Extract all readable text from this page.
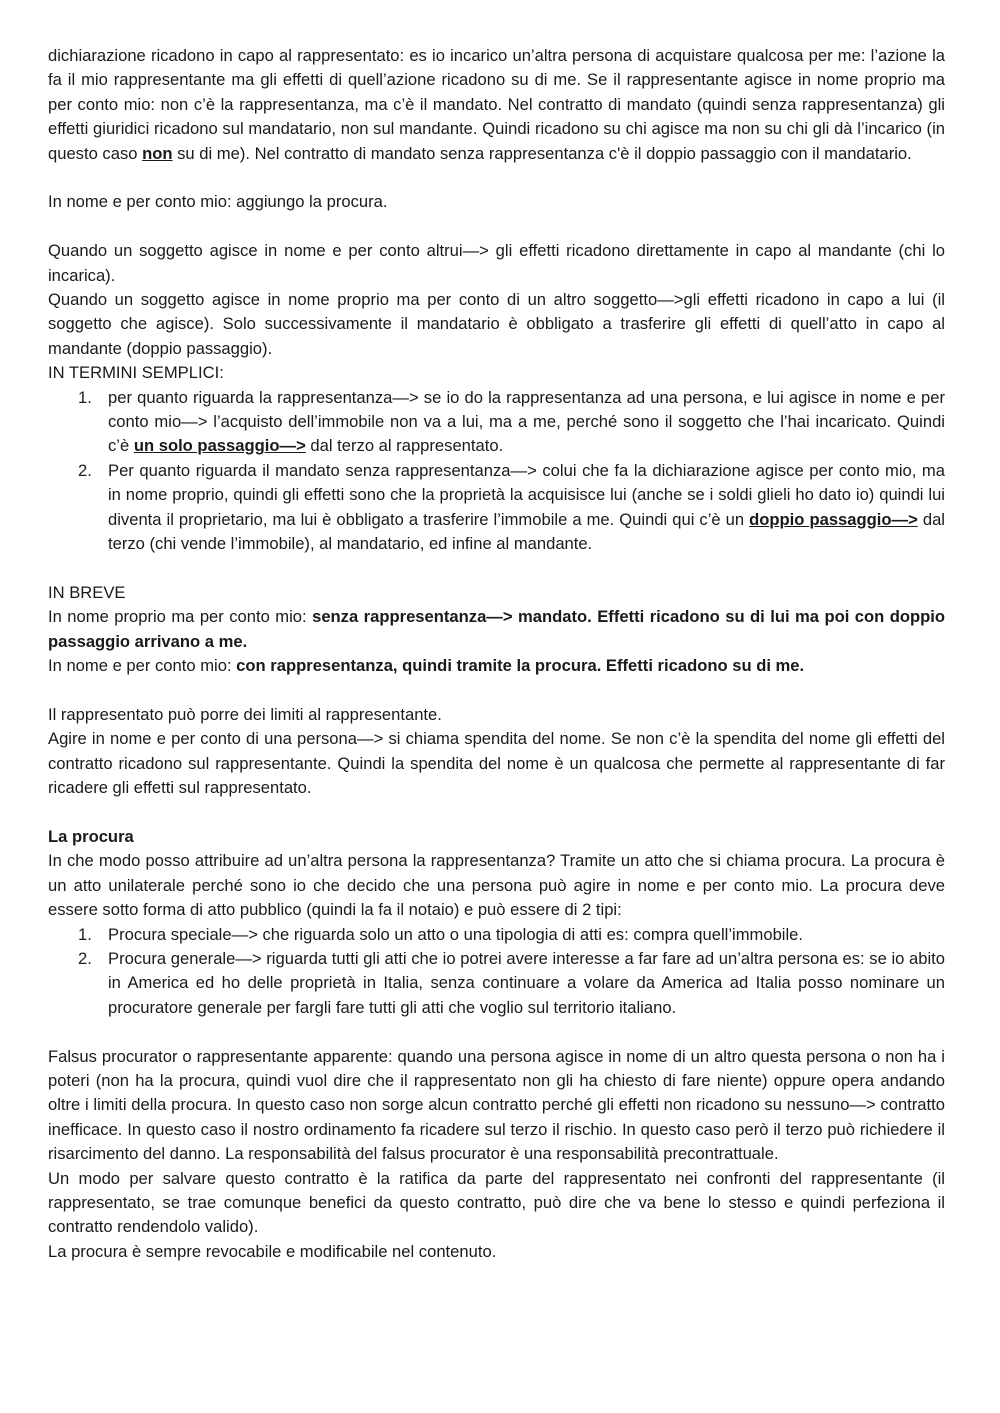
dichiarazione ricadono in capo al rappresentato: es io incarico un’altra persona di acquistare qualcosa per me: l’azione la fa il mio rappresentante ma gli effetti di quell’azione ricadono su di me. Se il rappresentante agisce in nome proprio ma per conto mio: non c’è la rappresentanza, ma c’è il mandato. Nel contratto di mandato (quindi senza rappresentanza) gli effetti giuridici ricadono sul mandatario, non sul mandante. Quindi ricadono su chi agisce ma non su chi gli dà l’incarico (in questo caso non su di me). Nel contratto di mandato senza rappresentanza c'è il doppio passaggio con il mandatario.

In nome e per conto mio: aggiungo la procura.

Quando un soggetto agisce in nome e per conto altrui—> gli effetti ricadono direttamente in capo al mandante (chi lo incarica).

Quando un soggetto agisce in nome proprio ma per conto di un altro soggetto—>gli effetti ricadono in capo a lui (il soggetto che agisce). Solo successivamente il mandatario è obbligato a trasferire gli effetti di quell’atto in capo al mandante (doppio passaggio).

IN TERMINI SEMPLICI:

1. per quanto riguarda la rappresentanza—> se io do la rappresentanza ad una persona, e lui agisce in nome e per conto mio—> l’acquisto dell’immobile non va a lui, ma a me, perché sono il soggetto che l’hai incaricato. Quindi c’è un solo passaggio—> dal terzo al rappresentato.
2. Per quanto riguarda il mandato senza rappresentanza—> colui che fa la dichiarazione agisce per conto mio, ma in nome proprio, quindi gli effetti sono che la proprietà la acquisisce lui (anche se i soldi glieli ho dato io) quindi lui diventa il proprietario, ma lui è obbligato a trasferire l’immobile a me. Quindi qui c’è un doppio passaggio—> dal terzo (chi vende l’immobile), al mandatario, ed infine al mandante.

IN BREVE

In nome proprio ma per conto mio: senza rappresentanza—> mandato. Effetti ricadono su di lui ma poi con doppio passaggio arrivano a me.

In nome e per conto mio: con rappresentanza, quindi tramite la procura. Effetti ricadono su di me.

Il rappresentato può porre dei limiti al rappresentante.

Agire in nome e per conto di una persona—> si chiama spendita del nome. Se non c’è la spendita del nome gli effetti del contratto ricadono sul rappresentante. Quindi la spendita del nome è un qualcosa che permette al rappresentante di far ricadere gli effetti sul rappresentato.

La procura

In che modo posso attribuire ad un’altra persona la rappresentanza? Tramite un atto che si chiama procura. La procura è un atto unilaterale perché sono io che decido che una persona può agire in nome e per conto mio. La procura deve essere sotto forma di atto pubblico (quindi la fa il notaio) e può essere di 2 tipi:

1. Procura speciale—> che riguarda solo un atto o una tipologia di atti es: compra quell’immobile.
2. Procura generale—> riguarda tutti gli atti che io potrei avere interesse a far fare ad un’altra persona es: se io abito in America ed ho delle proprietà in Italia, senza continuare a volare da America ad Italia posso nominare un procuratore generale per fargli fare tutti gli atti che voglio sul territorio italiano.

Falsus procurator o rappresentante apparente: quando una persona agisce in nome di un altro questa persona o non ha i poteri (non ha la procura, quindi vuol dire che il rappresentato non gli ha chiesto di fare niente) oppure opera andando oltre i limiti della procura. In questo caso non sorge alcun contratto perché gli effetti non ricadono su nessuno—> contratto inefficace. In questo caso il nostro ordinamento fa ricadere sul terzo il rischio. In questo caso però il terzo può richiedere il risarcimento del danno. La responsabilità del falsus procurator è una responsabilità precontrattuale.

Un modo per salvare questo contratto è la ratifica da parte del rappresentato nei confronti del rappresentante (il rappresentato, se trae comunque benefici da questo contratto, può dire che va bene lo stesso e quindi perfeziona il contratto rendendolo valido).

La procura è sempre revocabile e modificabile nel contenuto.
